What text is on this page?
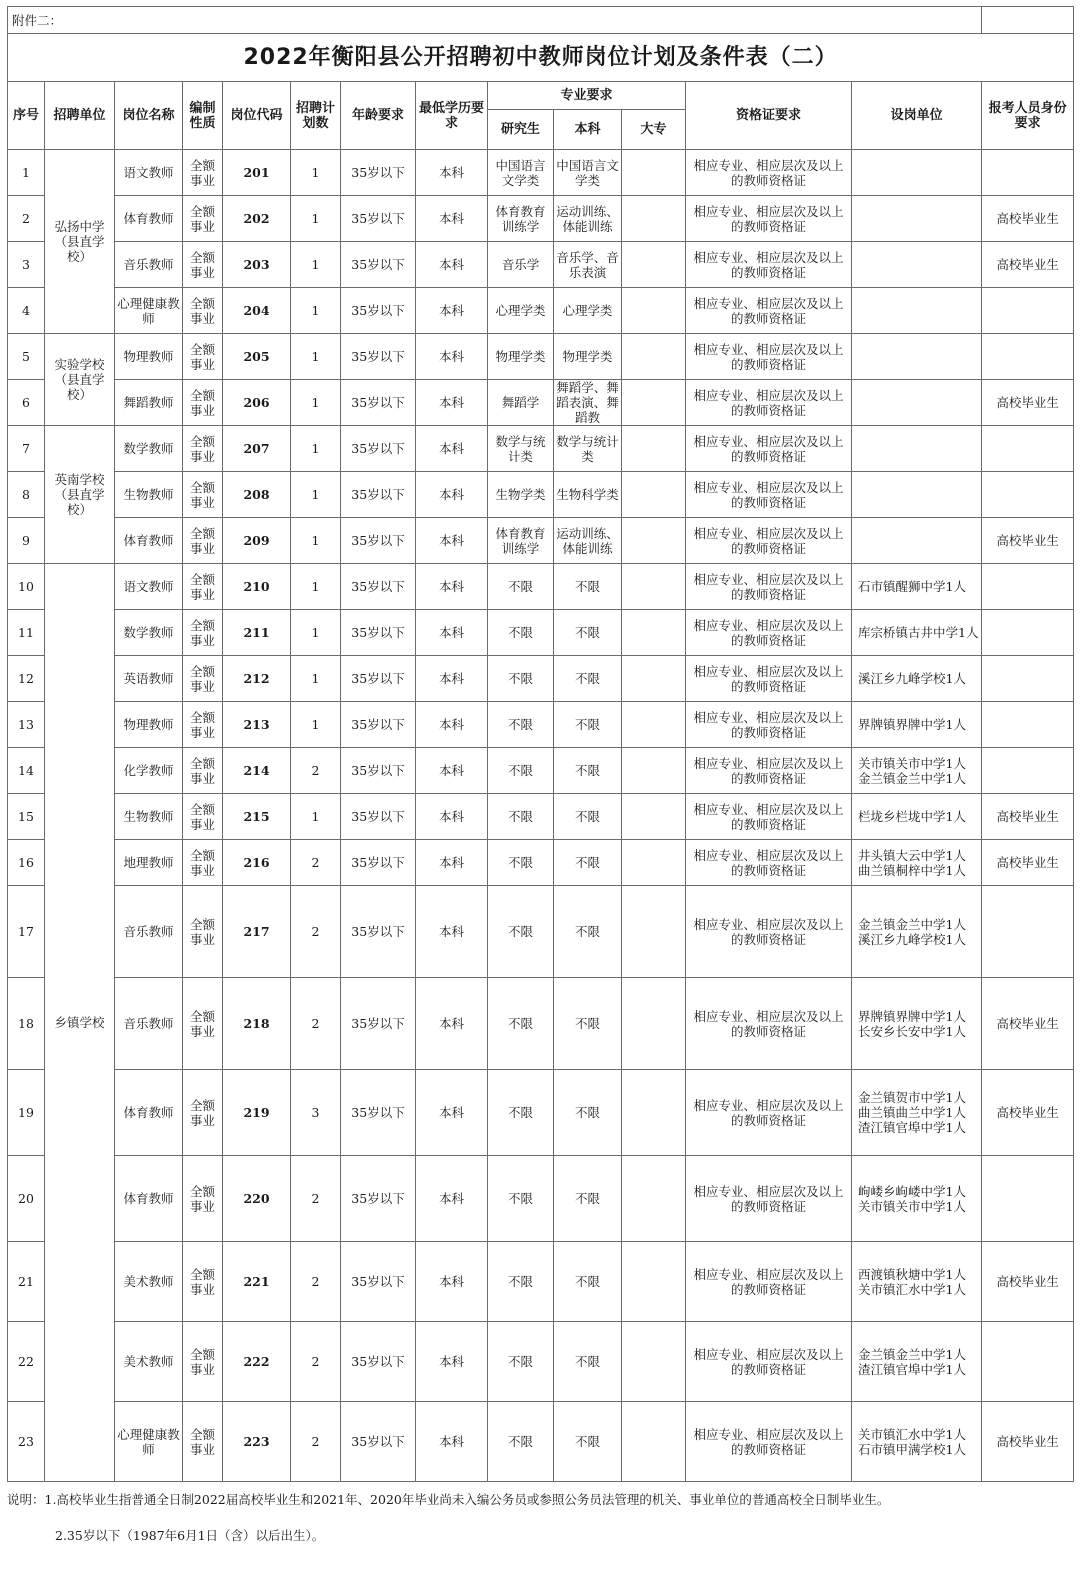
附件二：													
2022年衡阳县公开招聘初中教师岗位计划及条件表（二）													
序号	招聘单位	岗位名称	编制性质	岗位代码	招聘计划数	年龄要求	最低学历要求	专业要求			资格证要求	设岗单位	报考人员身份要求
								研究生	本科	大专			
1	弘扬中学（县直学校）	语文教师	全额事业	201	1	35岁以下	本科	中国语言文学类	中国语言文学类		相应专业、相应层次及以上的教师资格证		
2		体育教师	全额事业	202	1	35岁以下	本科	体育教育训练学	运动训练、体能训练		相应专业、相应层次及以上的教师资格证		高校毕业生
3		音乐教师	全额事业	203	1	35岁以下	本科	音乐学	音乐学、音乐表演		相应专业、相应层次及以上的教师资格证		高校毕业生
4		心理健康教师	全额事业	204	1	35岁以下	本科	心理学类	心理学类		相应专业、相应层次及以上的教师资格证		
5	实验学校（县直学校）	物理教师	全额事业	205	1	35岁以下	本科	物理学类	物理学类		相应专业、相应层次及以上的教师资格证		
6		舞蹈教师	全额事业	206	1	35岁以下	本科	舞蹈学	舞蹈学、舞蹈表演、舞蹈教		相应专业、相应层次及以上的教师资格证		高校毕业生
7	英南学校（县直学校）	数学教师	全额事业	207	1	35岁以下	本科	数学与统计类	数学与统计类		相应专业、相应层次及以上的教师资格证		
8		生物教师	全额事业	208	1	35岁以下	本科	生物学类	生物科学类		相应专业、相应层次及以上的教师资格证		
9		体育教师	全额事业	209	1	35岁以下	本科	体育教育训练学	运动训练、体能训练		相应专业、相应层次及以上的教师资格证		高校毕业生
10	乡镇学校	语文教师	全额事业	210	1	35岁以下	本科	不限	不限		相应专业、相应层次及以上的教师资格证	石市镇醒狮中学1人	
11		数学教师	全额事业	211	1	35岁以下	本科	不限	不限		相应专业、相应层次及以上的教师资格证	库宗桥镇古井中学1人	
12		英语教师	全额事业	212	1	35岁以下	本科	不限	不限		相应专业、相应层次及以上的教师资格证	溪江乡九峰学校1人	
13		物理教师	全额事业	213	1	35岁以下	本科	不限	不限		相应专业、相应层次及以上的教师资格证	界牌镇界牌中学1人	
14		化学教师	全额事业	214	2	35岁以下	本科	不限	不限		相应专业、相应层次及以上的教师资格证	关市镇关市中学1人 金兰镇金兰中学1人	
15		生物教师	全额事业	215	1	35岁以下	本科	不限	不限		相应专业、相应层次及以上的教师资格证	栏垅乡栏垅中学1人	高校毕业生
16		地理教师	全额事业	216	2	35岁以下	本科	不限	不限		相应专业、相应层次及以上的教师资格证	井头镇大云中学1人 曲兰镇桐梓中学1人	高校毕业生
17		音乐教师	全额事业	217	2	35岁以下	本科	不限	不限		相应专业、相应层次及以上的教师资格证	金兰镇金兰中学1人 溪江乡九峰学校1人	
18		音乐教师	全额事业	218	2	35岁以下	本科	不限	不限		相应专业、相应层次及以上的教师资格证	界牌镇界牌中学1人 长安乡长安中学1人	高校毕业生
19		体育教师	全额事业	219	3	35岁以下	本科	不限	不限		相应专业、相应层次及以上的教师资格证	金兰镇贺市中学1人 曲兰镇曲兰中学1人 渣江镇官埠中学1人	高校毕业生
20		体育教师	全额事业	220	2	35岁以下	本科	不限	不限		相应专业、相应层次及以上的教师资格证	岣嵝乡岣嵝中学1人 关市镇关市中学1人	
21		美术教师	全额事业	221	2	35岁以下	本科	不限	不限		相应专业、相应层次及以上的教师资格证	西渡镇秋塘中学1人 关市镇汇水中学1人	高校毕业生
22		美术教师	全额事业	222	2	35岁以下	本科	不限	不限		相应专业、相应层次及以上的教师资格证	金兰镇金兰中学1人 渣江镇官埠中学1人	
23		心理健康教师	全额事业	223	2	35岁以下	本科	不限	不限		相应专业、相应层次及以上的教师资格证	关市镇汇水中学1人 石市镇甲满学校1人	高校毕业生

说明：1.高校毕业生指普通全日制2022届高校毕业生和2021年、2020年毕业尚未入编公务员或参照公务员法管理的机关、事业单位的普通高校全日制毕业生。

2.35岁以下（1987年6月1日（含）以后出生）。
